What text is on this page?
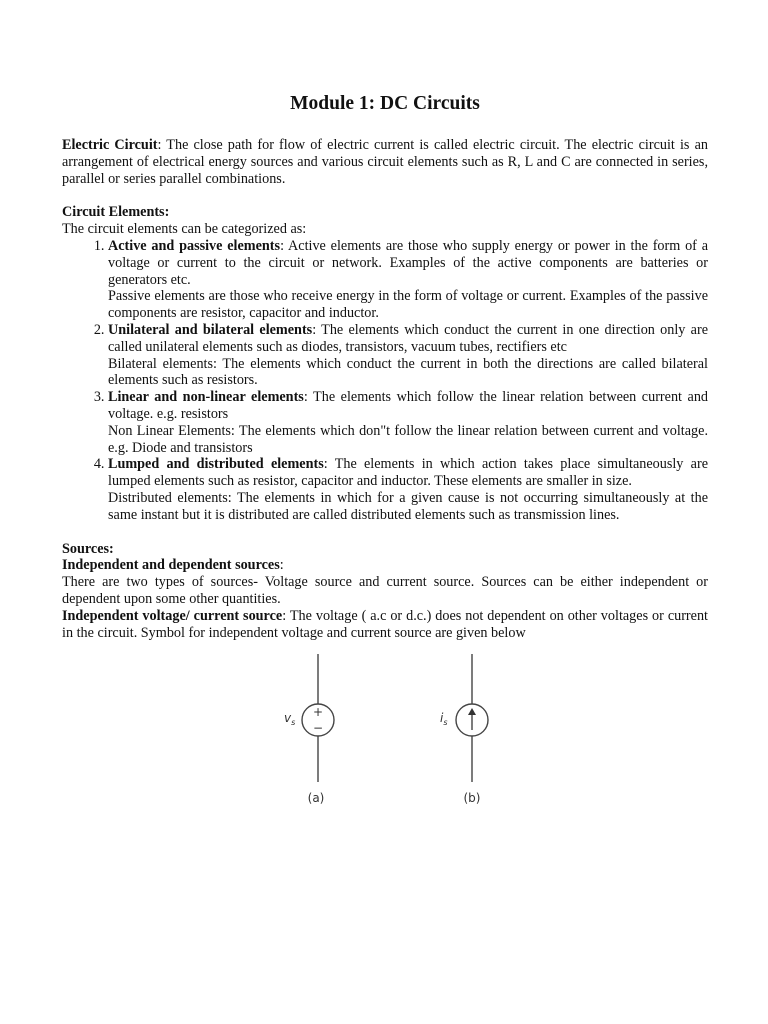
Module 1: DC Circuits

Electric Circuit: The close path for flow of electric current is called electric circuit. The electric circuit is an arrangement of electrical energy sources and various circuit elements such as R, L and C are connected in series, parallel or series parallel combinations.

Circuit Elements:

The circuit elements can be categorized as:

1. Active and passive elements: Active elements are those who supply energy or power in the form of a voltage or current to the circuit or network. Examples of the active components are batteries or generators etc.
Passive elements are those who receive energy in the form of voltage or current. Examples of the passive components are resistor, capacitor and inductor.
2. Unilateral and bilateral elements: The elements which conduct the current in one direction only are called unilateral elements such as diodes, transistors, vacuum tubes, rectifiers etc
Bilateral elements: The elements which conduct the current in both the directions are called bilateral elements such as resistors.
3. Linear and non-linear elements: The elements which follow the linear relation between current and voltage. e.g. resistors
Non Linear Elements: The elements which don"t follow the linear relation between current and voltage. e.g. Diode and transistors
4. Lumped and distributed elements: The elements in which action takes place simultaneously are lumped elements such as resistor, capacitor and inductor. These elements are smaller in size.
Distributed elements: The elements in which for a given cause is not occurring simultaneously at the same instant but it is distributed are called distributed elements such as transmission lines.

Sources:

Independent and dependent sources:

There are two types of sources- Voltage source and current source. Sources can be either independent or dependent upon some other quantities.

Independent voltage/ current source: The voltage ( a.c or d.c.) does not dependent on other voltages or current in the circuit. Symbol for independent voltage and current source are given below

+
−
$v_s$
(a)
$i_s$
(b)
